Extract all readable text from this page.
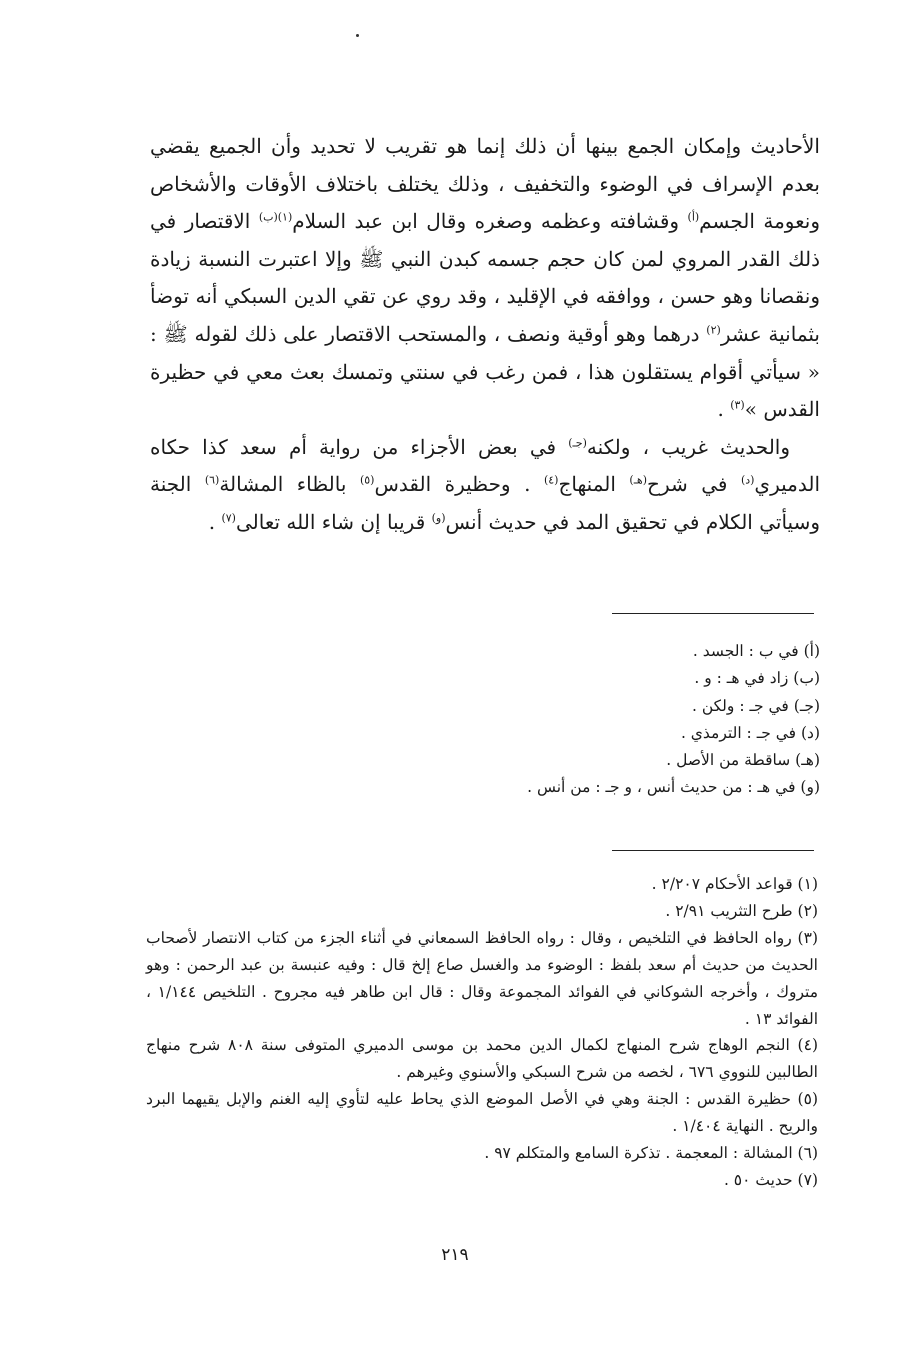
الأحاديث وإمكان الجمع بينها أن ذلك إنما هو تقريب لا تحديد وأن الجميع يقضي بعدم الإسراف في الوضوء والتخفيف ، وذلك يختلف باختلاف الأوقات والأشخاص ونعومة الجسم$^{(أ)}$ وقشافته وعظمه وصغره وقال ابن عبد السلام$^{(١)(ب)}$ الاقتصار في ذلك القدر المروي لمن كان حجم جسمه كبدن النبي ﷺ وإلا اعتبرت النسبة زيادة ونقصانا وهو حسن ، ووافقه في الإقليد ، وقد روي عن تقي الدين السبكي أنه توضأ بثمانية عشر$^{(٢)}$ درهما وهو أوقية ونصف ، والمستحب الاقتصار على ذلك لقوله ﷺ : « سيأتي أقوام يستقلون هذا ، فمن رغب في سنتي وتمسك بعث معي في حظيرة القدس »$^{(٣)}$ .

والحديث غريب ، ولكنه$^{(جـ)}$ في بعض الأجزاء من رواية أم سعد كذا حكاه الدميري$^{(د)}$ في شرح$^{(هـ)}$ المنهاج$^{(٤)}$ . وحظيرة القدس$^{(٥)}$ بالظاء المشالة$^{(٦)}$ الجنة وسيأتي الكلام في تحقيق المد في حديث أنس$^{(و)}$ قريبا إن شاء الله تعالى$^{(٧)}$ .

(أ) في ب : الجسد .
(ب) زاد في هـ : و .
(جـ) في جـ : ولكن .
(د) في جـ : الترمذي .
(هـ) ساقطة من الأصل .
(و) في هـ : من حديث أنس ، و جـ : من أنس .
(١) قواعد الأحكام ٢/٢٠٧ .
(٢) طرح التثريب ٢/٩١ .
(٣) رواه الحافظ في التلخيص ، وقال : رواه الحافظ السمعاني في أثناء الجزء من كتاب الانتصار لأصحاب الحديث من حديث أم سعد بلفظ : الوضوء مد والغسل صاع إلخ قال : وفيه عنبسة بن عبد الرحمن : وهو متروك ، وأخرجه الشوكاني في الفوائد المجموعة وقال : قال ابن طاهر فيه مجروح . التلخيص ١/١٤٤ ، الفوائد ١٣ .
(٤) النجم الوهاج شرح المنهاج لكمال الدين محمد بن موسى الدميري المتوفى سنة ٨٠٨ شرح منهاج الطالبين للنووي ٦٧٦ ، لخصه من شرح السبكي والأسنوي وغيرهم .
(٥) حظيرة القدس : الجنة وهي في الأصل الموضع الذي يحاط عليه لتأوي إليه الغنم والإبل يقيهما البرد والريح . النهاية ١/٤٠٤ .
(٦) المشالة : المعجمة . تذكرة السامع والمتكلم ٩٧ .
(٧) حديث ٥٠ .
٢١٩
